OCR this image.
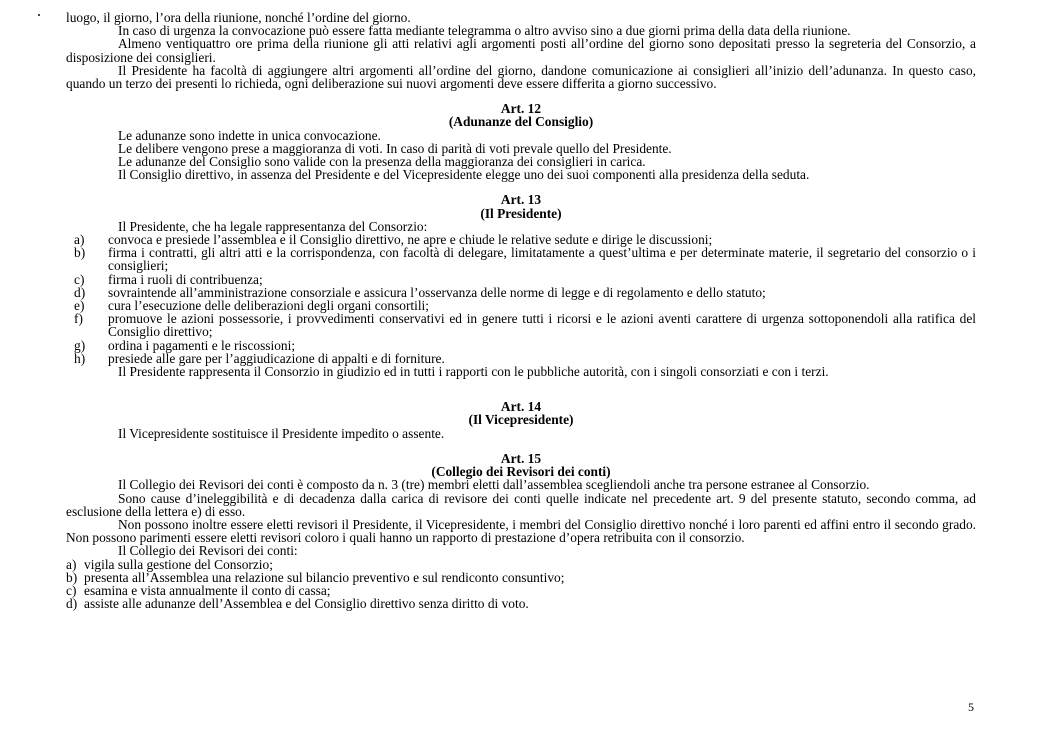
luogo, il giorno, l’ora della riunione, nonché l’ordine del giorno.

In caso di urgenza la convocazione può essere fatta mediante telegramma o altro avviso sino a due giorni prima della data della riunione.

Almeno ventiquattro ore prima della riunione gli atti relativi agli argomenti posti all’ordine del giorno sono depositati presso la segreteria del Consorzio, a disposizione dei consiglieri.

Il Presidente ha facoltà di aggiungere altri argomenti all’ordine del giorno, dandone comunicazione ai consiglieri all’inizio dell’adunanza. In questo caso, quando un terzo dei presenti lo richieda, ogni deliberazione sui nuovi argomenti deve essere differita a giorno successivo.

Art. 12

(Adunanze del Consiglio)

Le adunanze sono indette in unica convocazione.

Le delibere vengono prese a maggioranza di voti. In caso di parità di voti prevale quello del Presidente.

Le adunanze del Consiglio sono valide con la presenza della maggioranza dei consiglieri in carica.

Il Consiglio direttivo, in assenza del Presidente e del Vicepresidente elegge uno dei suoi componenti alla presidenza della seduta.

Art. 13

(Il Presidente)

Il Presidente, che ha legale rappresentanza del Consorzio:

a)	convoca e presiede l’assemblea e il Consiglio direttivo, ne apre e chiude le relative sedute e dirige le discussioni;
b)	firma i contratti, gli altri atti e la corrispondenza, con facoltà di delegare, limitatamente a quest’ultima e per determinate materie, il segretario del consorzio o i consiglieri;
c)	firma i ruoli di contribuenza;
d)	sovraintende all’amministrazione consorziale e assicura l’osservanza delle norme di legge e di regolamento e dello statuto;
e)	cura l’esecuzione delle deliberazioni degli organi consortili;
f)	promuove le azioni possessorie, i provvedimenti conservativi ed in genere tutti i ricorsi e le azioni aventi carattere di urgenza sottoponendoli alla ratifica del Consiglio direttivo;
g)	ordina i pagamenti e le riscossioni;
h)	presiede alle gare per l’aggiudicazione di appalti e di forniture.

Il Presidente rappresenta il Consorzio in giudizio ed in tutti i rapporti con le pubbliche autorità, con i singoli consorziati e con i terzi.

Art. 14

(Il Vicepresidente)

Il Vicepresidente sostituisce il Presidente impedito o assente.

Art. 15

(Collegio dei Revisori dei conti)

Il Collegio dei Revisori dei conti è composto da n. 3 (tre) membri eletti dall’assemblea scegliendoli anche tra persone estranee al Consorzio.

Sono cause d’ineleggibilità e di decadenza dalla carica di revisore dei conti quelle indicate nel precedente art. 9 del presente statuto, secondo comma, ad esclusione della lettera e) di esso.

Non possono inoltre essere eletti revisori il Presidente, il Vicepresidente, i membri del Consiglio direttivo nonché i loro parenti ed affini entro il secondo grado. Non possono parimenti essere eletti revisori coloro i quali hanno un rapporto di prestazione d’opera retribuita con il consorzio.

Il Collegio dei Revisori dei conti:

a) vigila sulla gestione del Consorzio;
b) presenta all’Assemblea una relazione sul bilancio preventivo e sul rendiconto consuntivo;
c) esamina e vista annualmente il conto di cassa;
d) assiste alle adunanze dell’Assemblea e del Consiglio direttivo senza diritto di voto.
5
